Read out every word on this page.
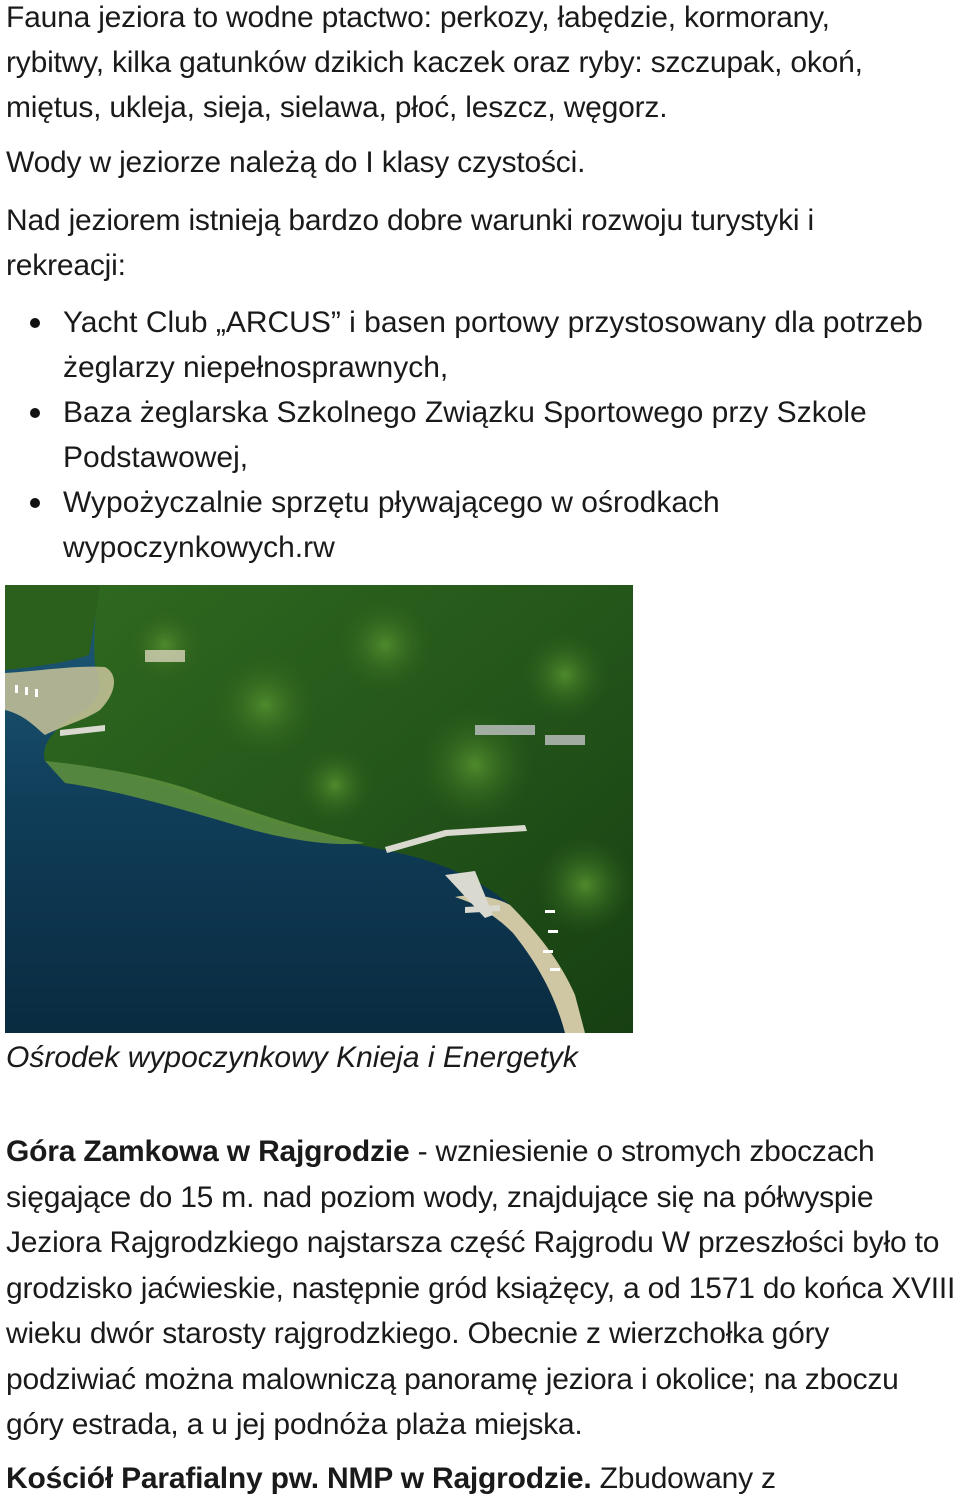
Fauna jeziora to wodne ptactwo: perkozy, łabędzie, kormorany,
rybitwy, kilka gatunków dzikich kaczek oraz ryby: szczupak, okoń,
miętus, ukleja, sieja, sielawa, płoć, leszcz, węgorz.
Wody w jeziorze należą do I klasy czystości.
Nad jeziorem istnieją bardzo dobre warunki rozwoju turystyki i
rekreacji:
Yacht Club „ARCUS” i basen portowy przystosowany dla potrzeb żeglarzy niepełnosprawnych,
Baza żeglarska Szkolnego Związku Sportowego przy Szkole Podstawowej,
Wypożyczalnie sprzętu pływającego w ośrodkach wypoczynkowych.rw
Ośrodek wypoczynkowy Knieja i Energetyk

Góra Zamkowa w Rajgrodzie - wzniesienie o stromych zboczach sięgające do 15 m. nad poziom wody, znajdujące się na półwyspie Jeziora Rajgrodzkiego najstarsza część Rajgrodu W przeszłości było to grodzisko jaćwieskie, następnie gród książęcy, a od 1571 do końca XVIII wieku dwór starosty rajgrodzkiego. Obecnie z wierzchołka góry podziwiać można malowniczą panoramę jeziora i okolice; na zboczu góry estrada, a u jej podnóża plaża miejska.

Kościół Parafialny pw. NMP w Rajgrodzie. Zbudowany z
